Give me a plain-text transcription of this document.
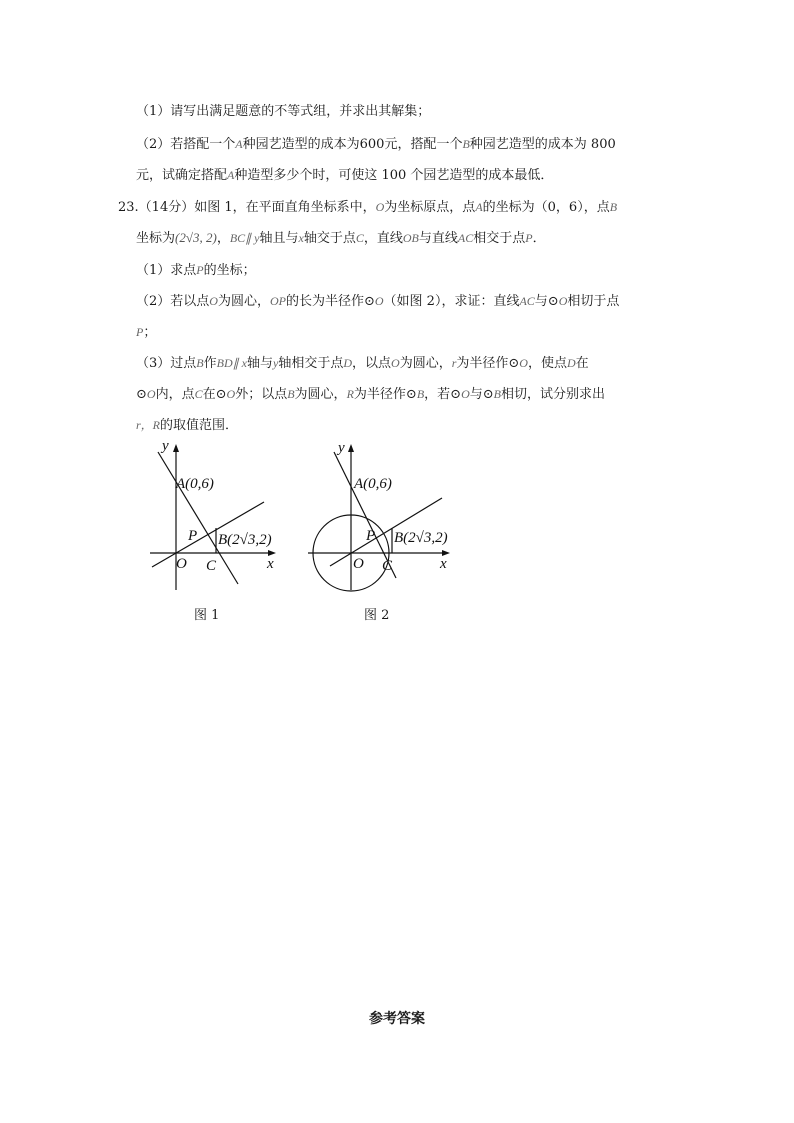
（1）请写出满足题意的不等式组，并求出其解集；
（2）若搭配一个A种园艺造型的成本为600元，搭配一个B种园艺造型的成本为 800
元，试确定搭配A种造型多少个时，可使这 100 个园艺造型的成本最低．
23.（14分）如图 1，在平面直角坐标系中，O为坐标原点，点A的坐标为（0，6），点B
坐标为(2√3, 2)，BC∥ y轴且与x轴交于点C，直线OB与直线AC相交于点P．
（1）求点P的坐标；
（2）若以点O为圆心，OP的长为半径作⊙O（如图 2），求证：直线AC与⊙O相切于点
P；
（3）过点B作BD∥ x轴与y轴相交于点D，以点O为圆心，r为半径作⊙O，使点D在
⊙O内，点C在⊙O外；以点B为圆心，R为半径作⊙B，若⊙O与⊙B相切，试分别求出
r，R的取值范围．
y
x
A(0,6)
P B(2√3,2)
O C
图 1
y
x
A(0,6)
P B(2√3,2)
O C
图 2
参考答案
